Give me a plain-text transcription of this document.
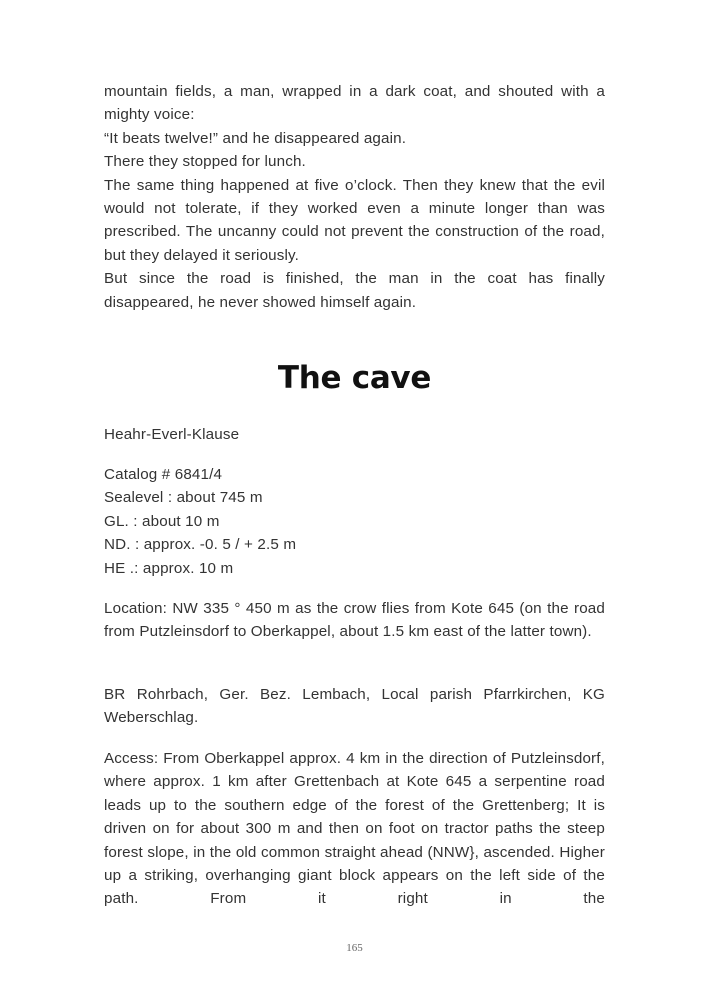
mountain fields, a man, wrapped in a dark coat, and shouted with a mighty voice:

“It beats twelve!” and he disappeared again.

There they stopped for lunch.

The same thing happened at five o’clock. Then they knew that the evil would not tolerate, if they worked even a minute longer than was prescribed. The uncanny could not prevent the construction of the road, but they delayed it seriously.

But since the road is finished, the man in the coat has finally disappeared, he never showed himself again.

The cave

Heahr-Everl-Klause

Catalog # 6841/4

Sealevel : about 745 m

GL. : about 10 m

ND. : approx. -0. 5 / + 2.5 m

HE .: approx. 10 m

Location: NW 335 ° 450 m as the crow flies from Kote 645 (on the road from Putzleinsdorf to Oberkappel, about 1.5 km east of the latter town).

BR Rohrbach, Ger. Bez. Lembach, Local parish Pfarrkirchen, KG Weberschlag.

Access: From Oberkappel approx. 4 km in the direction of Putzleinsdorf, where approx. 1 km after Grettenbach at Kote 645 a serpentine road leads up to the southern edge of the forest of the Grettenberg; It is driven on for about 300 m and then on foot on tractor paths the steep forest slope, in the old common straight ahead (NNW}, ascended. Higher up a striking, overhanging giant block appears on the left side of the path. From it right in the

165
